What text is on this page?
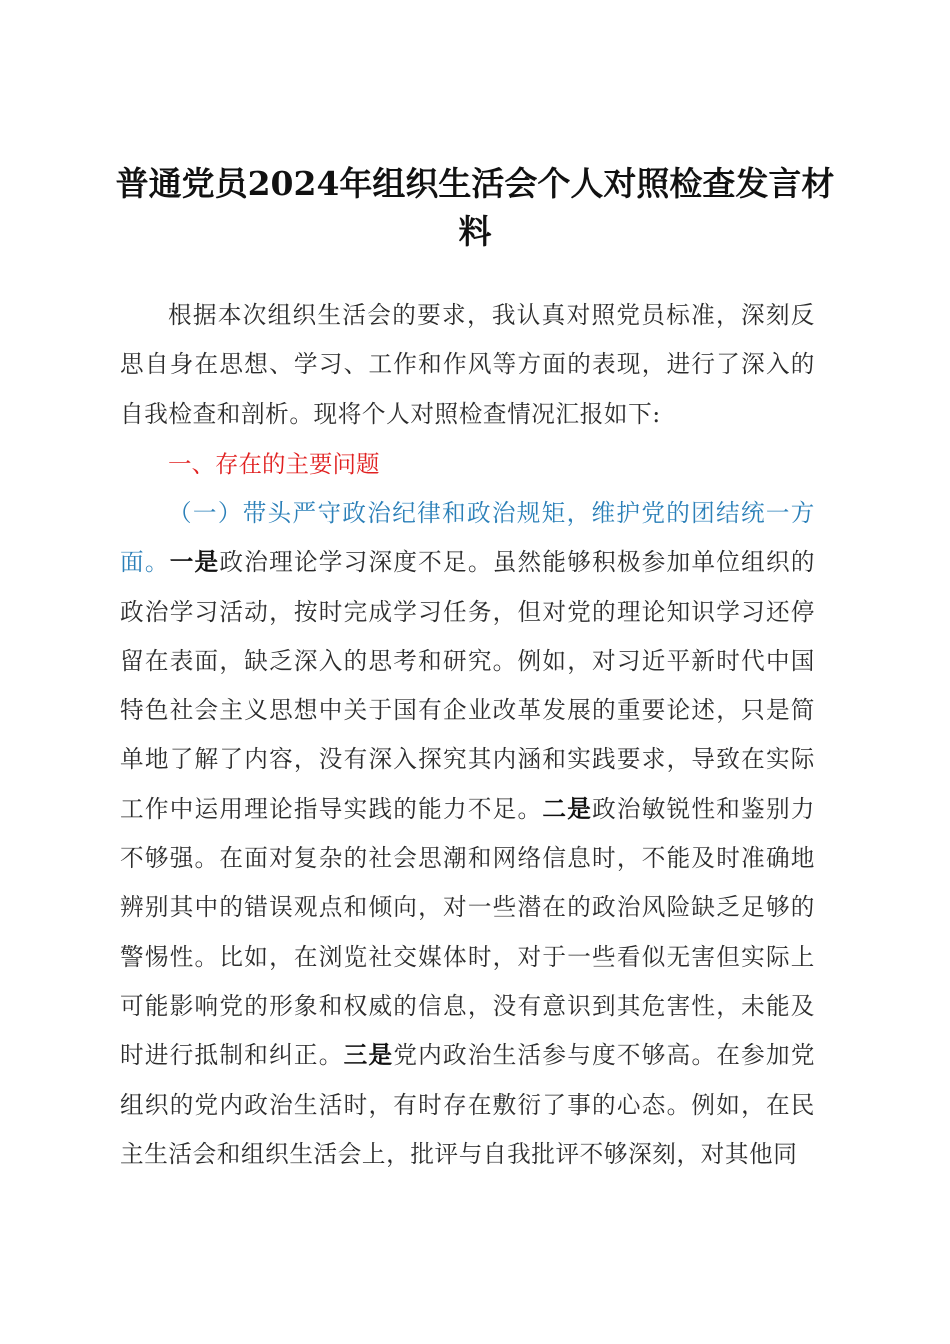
普通党员2024年组织生活会个人对照检查发言材料

根据本次组织生活会的要求，我认真对照党员标准，深刻反思自身在思想、学习、工作和作风等方面的表现，进行了深入的自我检查和剖析。现将个人对照检查情况汇报如下:

一、存在的主要问题

（一）带头严守政治纪律和政治规矩，维护党的团结统一方面。一是政治理论学习深度不足。虽然能够积极参加单位组织的政治学习活动，按时完成学习任务，但对党的理论知识学习还停留在表面，缺乏深入的思考和研究。例如，对习近平新时代中国特色社会主义思想中关于国有企业改革发展的重要论述，只是简单地了解了内容，没有深入探究其内涵和实践要求，导致在实际工作中运用理论指导实践的能力不足。二是政治敏锐性和鉴别力不够强。在面对复杂的社会思潮和网络信息时，不能及时准确地辨别其中的错误观点和倾向，对一些潜在的政治风险缺乏足够的警惕性。比如，在浏览社交媒体时，对于一些看似无害但实际上可能影响党的形象和权威的信息，没有意识到其危害性，未能及时进行抵制和纠正。三是党内政治生活参与度不够高。在参加党组织的党内政治生活时，有时存在敷衍了事的心态。例如，在民主生活会和组织生活会上，批评与自我批评不够深刻，对其他同
